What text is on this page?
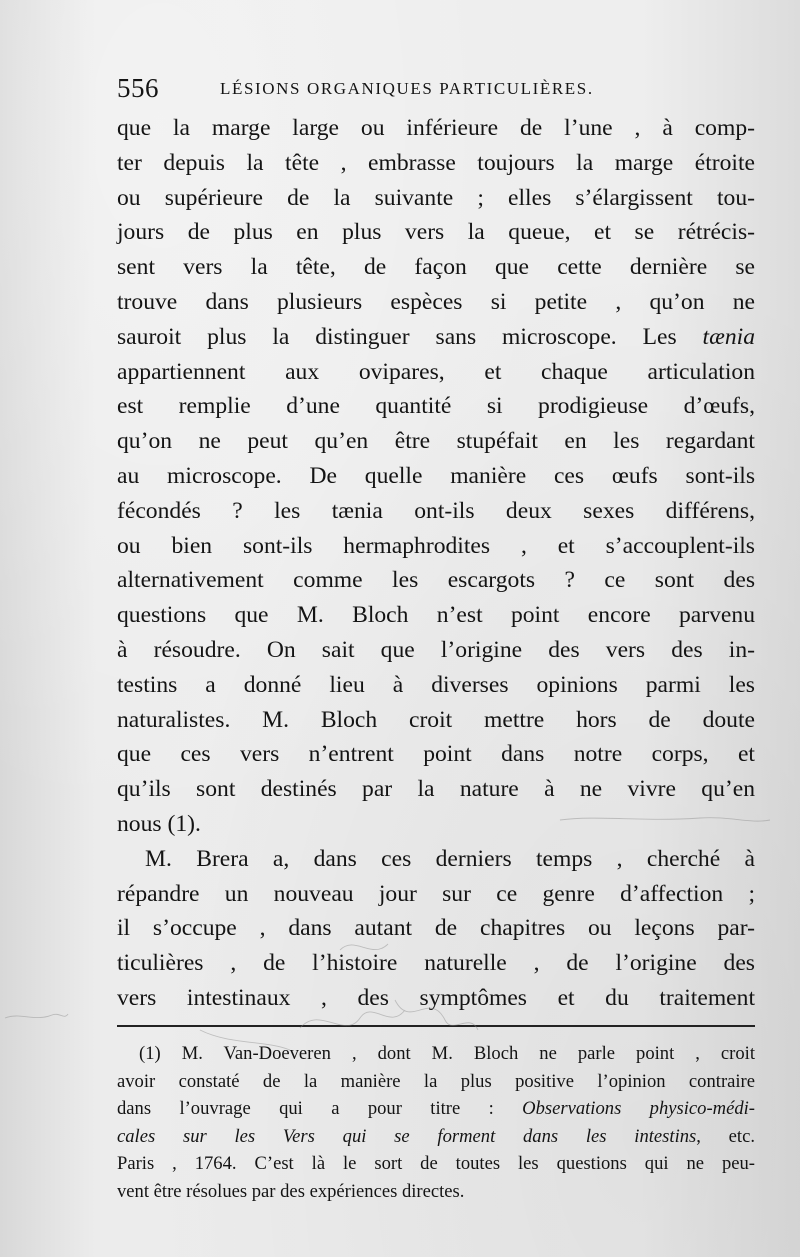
556	LÉSIONS ORGANIQUES PARTICULIÈRES.
que la marge large ou inférieure de l’une , à comp-
ter depuis la tête , embrasse toujours la marge étroite
ou supérieure de la suivante ; elles s’élargissent tou-
jours de plus en plus vers la queue, et se rétrécis-
sent vers la tête, de façon que cette dernière se
trouve dans plusieurs espèces si petite , qu’on ne
sauroit plus la distinguer sans microscope. Les tænia
appartiennent aux ovipares, et chaque articulation
est remplie d’une quantité si prodigieuse d’œufs,
qu’on ne peut qu’en être stupéfait en les regardant
au microscope. De quelle manière ces œufs sont-ils
fécondés ? les tænia ont-ils deux sexes différens,
ou bien sont-ils hermaphrodites , et s’accouplent-ils
alternativement comme les escargots ? ce sont des
questions que M. Bloch n’est point encore parvenu
à résoudre. On sait que l’origine des vers des in-
testins a donné lieu à diverses opinions parmi les
naturalistes. M. Bloch croit mettre hors de doute
que ces vers n’entrent point dans notre corps, et
qu’ils sont destinés par la nature à ne vivre qu’en
nous (1).
M. Brera a, dans ces derniers temps , cherché à
répandre un nouveau jour sur ce genre d’affection ;
il s’occupe , dans autant de chapitres ou leçons par-
ticulières , de l’histoire naturelle , de l’origine des
vers intestinaux , des symptômes et du traitement
(1) M. Van-Doeveren , dont M. Bloch ne parle point , croit
avoir constaté de la manière la plus positive l’opinion contraire
dans l’ouvrage qui a pour titre : Observations physico-médi-
cales sur les Vers qui se forment dans les intestins, etc.
Paris , 1764. C’est là le sort de toutes les questions qui ne peu-
vent être résolues par des expériences directes.
